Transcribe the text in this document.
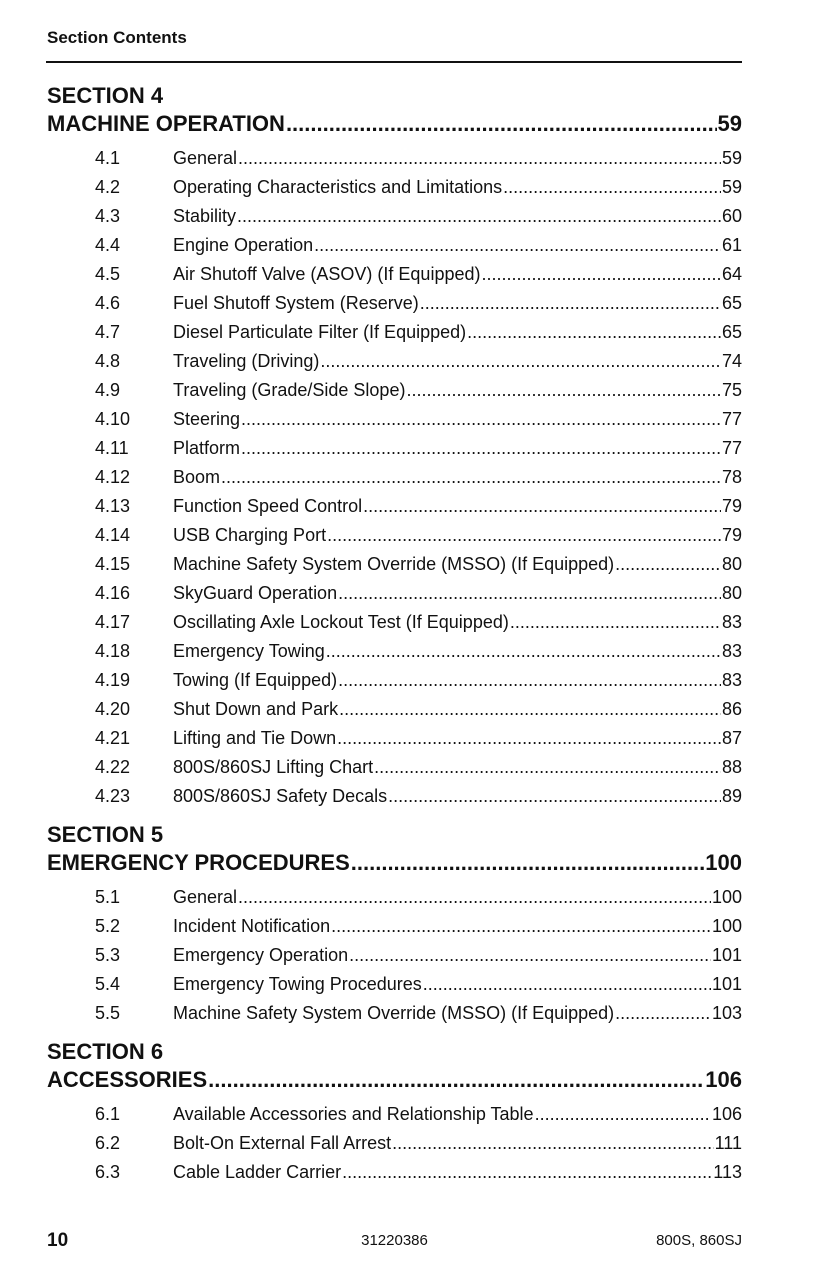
Section Contents
SECTION 4
MACHINE OPERATION .....	59
4.1	General .....	59
4.2	Operating Characteristics and Limitations .....	59
4.3	Stability .....	60
4.4	Engine Operation .....	61
4.5	Air Shutoff Valve (ASOV) (If Equipped) .....	64
4.6	Fuel Shutoff System (Reserve) .....	65
4.7	Diesel Particulate Filter (If Equipped) .....	65
4.8	Traveling (Driving) .....	74
4.9	Traveling (Grade/Side Slope) .....	75
4.10	Steering .....	77
4.11	Platform .....	77
4.12	Boom .....	78
4.13	Function Speed Control .....	79
4.14	USB Charging Port .....	79
4.15	Machine Safety System Override (MSSO) (If Equipped) .....	80
4.16	SkyGuard Operation .....	80
4.17	Oscillating Axle Lockout Test (If Equipped) .....	83
4.18	Emergency Towing .....	83
4.19	Towing (If Equipped) .....	83
4.20	Shut Down and Park .....	86
4.21	Lifting and Tie Down .....	87
4.22	800S/860SJ Lifting Chart .....	88
4.23	800S/860SJ Safety Decals .....	89
SECTION 5
EMERGENCY PROCEDURES .....	100
5.1	General .....	100
5.2	Incident Notification .....	100
5.3	Emergency Operation .....	101
5.4	Emergency Towing Procedures .....	101
5.5	Machine Safety System Override (MSSO) (If Equipped) .....	103
SECTION 6
ACCESSORIES .....	106
6.1	Available Accessories and Relationship Table .....	106
6.2	Bolt-On External Fall Arrest .....	111
6.3	Cable Ladder Carrier .....	113
10	31220386	800S, 860SJ
